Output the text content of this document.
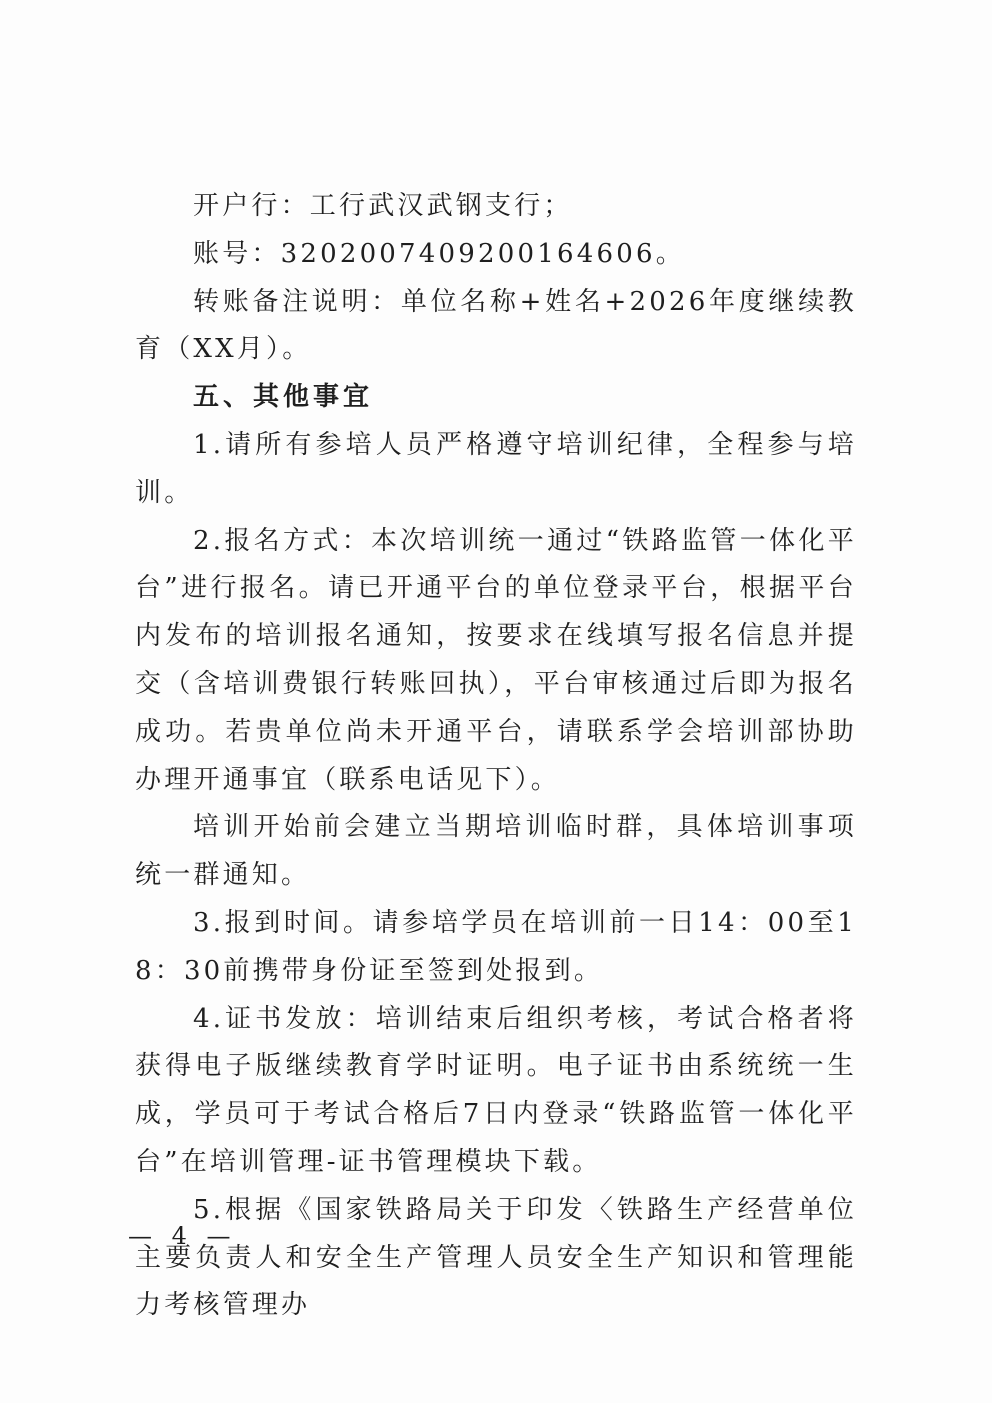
开户行：工行武汉武钢支行；

账号：3202007409200164606。

转账备注说明：单位名称+姓名+2026年度继续教育（XX月）。

五、其他事宜

1.请所有参培人员严格遵守培训纪律，全程参与培训。

2.报名方式：本次培训统一通过“铁路监管一体化平台”进行报名。请已开通平台的单位登录平台，根据平台内发布的培训报名通知，按要求在线填写报名信息并提交（含培训费银行转账回执），平台审核通过后即为报名成功。若贵单位尚未开通平台，请联系学会培训部协助办理开通事宜（联系电话见下）。

培训开始前会建立当期培训临时群，具体培训事项统一群通知。

3.报到时间。请参培学员在培训前一日14：00至18：30前携带身份证至签到处报到。

4.证书发放：培训结束后组织考核，考试合格者将获得电子版继续教育学时证明。电子证书由系统统一生成，学员可于考试合格后7日内登录“铁路监管一体化平台”在培训管理-证书管理模块下载。

5.根据《国家铁路局关于印发〈铁路生产经营单位主要负责人和安全生产管理人员安全生产知识和管理能力考核管理办

— 4 —
